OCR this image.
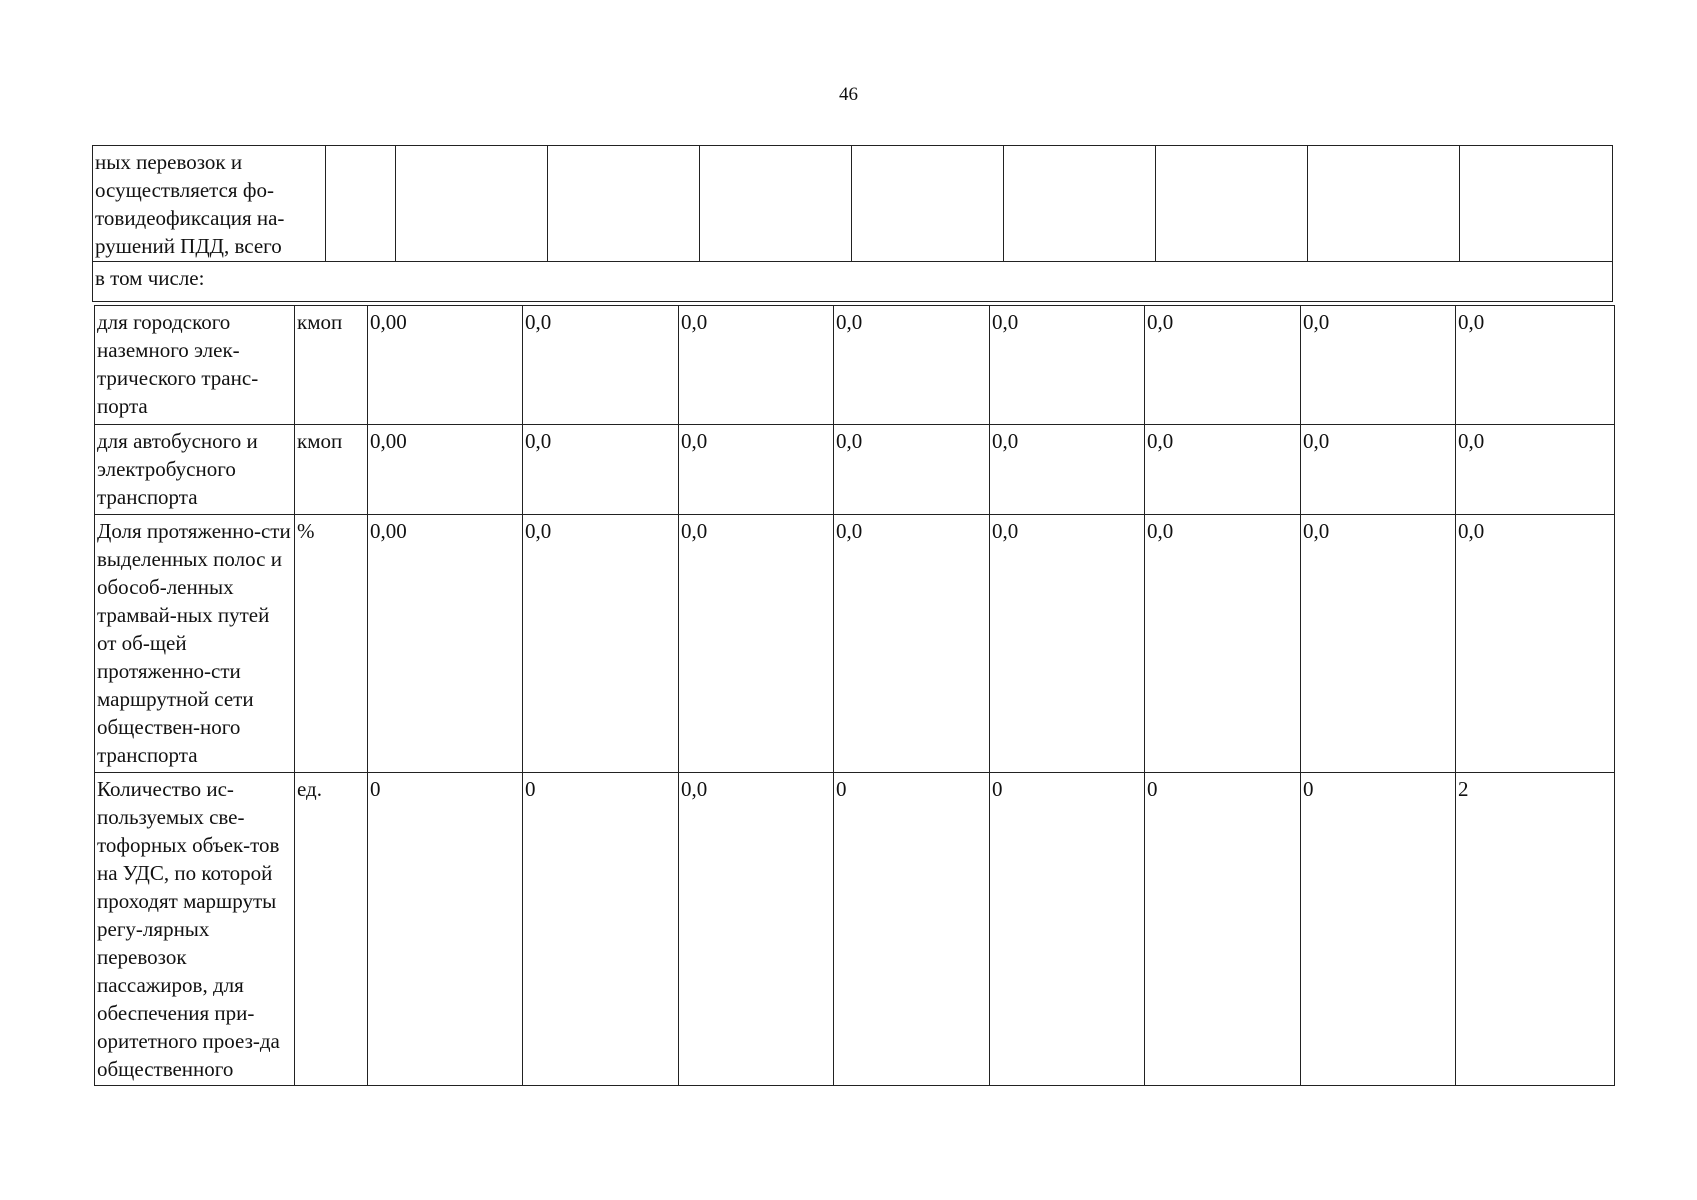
46
ных перевозок и осуществляется фо-товидеофиксация на-рушений ПДД, всего									
в том числе:
для городского наземного элек-трического транс-порта	кмоп	0,00	0,0	0,0	0,0	0,0	0,0	0,0	0,0
для автобусного и электробусного транспорта	кмоп	0,00	0,0	0,0	0,0	0,0	0,0	0,0	0,0
Доля протяженно-сти выделенных полос и обособ-ленных трамвай-ных путей от об-щей протяженно-сти маршрутной сети обществен-ного транспорта	%	0,00	0,0	0,0	0,0	0,0	0,0	0,0	0,0
Количество ис-пользуемых све-тофорных объек-тов на УДС, по которой проходят маршруты регу-лярных перевозок пассажиров, для обеспечения при-оритетного проез-да общественного	ед.	0	0	0,0	0	0	0	0	2
